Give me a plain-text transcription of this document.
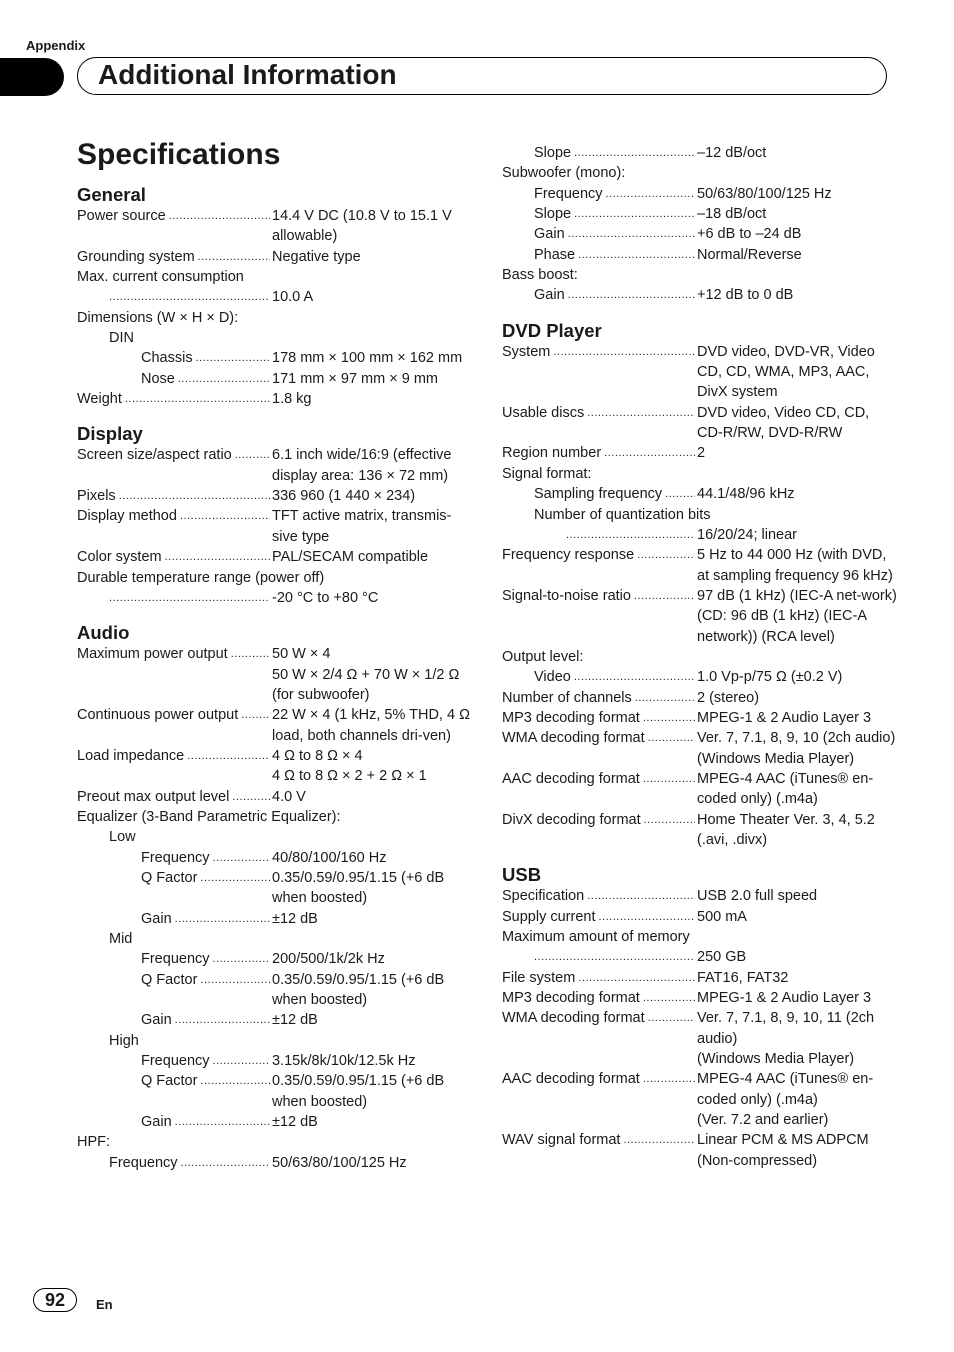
Appendix
Additional Information
Specifications
General
Power source .....	14.4 V DC (10.8 V to 15.1 V allowable)
Grounding system .....	Negative type
Max. current consumption
.....
10.0 A
Dimensions (W × H × D):
DIN
Chassis .....	178 mm × 100 mm × 162 mm
Nose .....	171 mm × 97 mm × 9 mm
Weight .....	1.8 kg
Display
Screen size/aspect ratio .....	6.1 inch wide/16:9 (effective display area: 136 × 72 mm)
Pixels .....	336 960 (1 440 × 234)
Display method .....	TFT active matrix, transmis-sive type
Color system .....	PAL/SECAM compatible
Durable temperature range (power off)
.....
-20 °C to +80 °C
Audio
Maximum power output .....	50 W × 4
50 W × 2/4 Ω + 70 W × 1/2 Ω (for subwoofer)
Continuous power output ..... 22 W × 4 (1 kHz, 5% THD, 4 Ω load, both channels dri-ven)
Load impedance .....	4 Ω to 8 Ω × 4
4 Ω to 8 Ω × 2 + 2 Ω × 1
Preout max output level .....	4.0 V
Equalizer (3-Band Parametric Equalizer):
Low
Frequency .....	40/80/100/160 Hz
Q Factor .....	0.35/0.59/0.95/1.15 (+6 dB when boosted)
Gain .....	±12 dB
Mid
Frequency .....	200/500/1k/2k Hz
Q Factor .....	0.35/0.59/0.95/1.15 (+6 dB when boosted)
Gain .....	±12 dB
High
Frequency .....	3.15k/8k/10k/12.5k Hz
Q Factor .....	0.35/0.59/0.95/1.15 (+6 dB when boosted)
Gain .....	±12 dB
HPF:
Frequency .....	50/63/80/100/125 Hz
Slope .....	–12 dB/oct
Subwoofer (mono):
Frequency .....	50/63/80/100/125 Hz
Slope .....	–18 dB/oct
Gain .....	+6 dB to –24 dB
Phase .....	Normal/Reverse
Bass boost:
Gain .....	+12 dB to 0 dB
DVD Player
System .....	DVD video, DVD-VR, Video CD, CD, WMA, MP3, AAC, DivX system
Usable discs .....	DVD video, Video CD, CD, CD-R/RW, DVD-R/RW
Region number .....	2
Signal format:
Sampling frequency ..... 44.1/48/96 kHz
Number of quantization bits
.....
16/20/24; linear
Frequency response .....	5 Hz to 44 000 Hz (with DVD, at sampling frequency 96 kHz)
Signal-to-noise ratio .....	97 dB (1 kHz) (IEC-A net-work)
(CD: 96 dB (1 kHz) (IEC-A network)) (RCA level)
Output level:
Video .....	1.0 Vp-p/75 Ω (±0.2 V)
Number of channels .....	2 (stereo)
MP3 decoding format .....	MPEG-1 & 2 Audio Layer 3
WMA decoding format .....	Ver. 7, 7.1, 8, 9, 10 (2ch audio)
(Windows Media Player)
AAC decoding format .....	MPEG-4 AAC (iTunes® en-coded only) (.m4a)
DivX decoding format .....	Home Theater Ver. 3, 4, 5.2 (.avi, .divx)
USB
Specification .....	USB 2.0 full speed
Supply current .....	500 mA
Maximum amount of memory
.....
250 GB
File system .....	FAT16, FAT32
MP3 decoding format .....	MPEG-1 & 2 Audio Layer 3
WMA decoding format .....	Ver. 7, 7.1, 8, 9, 10, 11 (2ch audio)
(Windows Media Player)
AAC decoding format .....	MPEG-4 AAC (iTunes® en-coded only) (.m4a)
(Ver. 7.2 and earlier)
WAV signal format .....	Linear PCM & MS ADPCM (Non-compressed)
92	En
